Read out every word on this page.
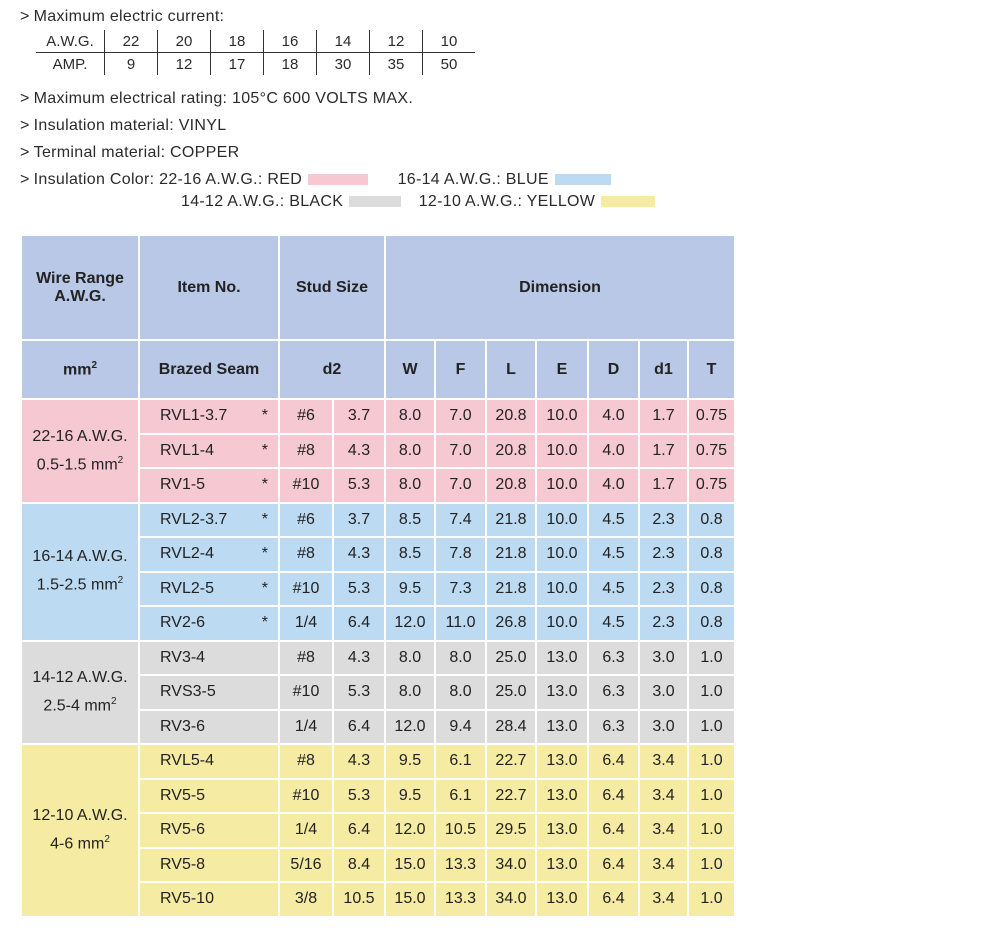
> Maximum electric current:
A.W.G.	22	20	18	16	14	12	10
AMP.	9	12	17	18	30	35	50
> Maximum electrical rating: 105°C 600 VOLTS MAX.
> Insulation material: VINYL
> Terminal material: COPPER
> Insulation Color: 22-16 A.W.G.: RED	16-14 A.W.G.: BLUE
14-12 A.W.G.: BLACK	12-10 A.W.G.: YELLOW
Wire Range
A.W.G.	Item No.	Stud Size		Dimension						
$mm^2$	Brazed Seam	d2		W	F	L	E	D	d1	T
22-16 A.W.G.
0.5-1.5 $mm^2$	RVL1-3.7 *	#6	3.7	8.0	7.0	20.8	10.0	4.0	1.7	0.75
	RVL1-4 *	#8	4.3	8.0	7.0	20.8	10.0	4.0	1.7	0.75
	RV1-5 *	#10	5.3	8.0	7.0	20.8	10.0	4.0	1.7	0.75
16-14 A.W.G.
1.5-2.5 $mm^2$	RVL2-3.7 *	#6	3.7	8.5	7.4	21.8	10.0	4.5	2.3	0.8
	RVL2-4 *	#8	4.3	8.5	7.8	21.8	10.0	4.5	2.3	0.8
	RVL2-5 *	#10	5.3	9.5	7.3	21.8	10.0	4.5	2.3	0.8
	RV2-6 *	1/4	6.4	12.0	11.0	26.8	10.0	4.5	2.3	0.8
14-12 A.W.G.
2.5-4 $mm^2$	RV3-4	#8	4.3	8.0	8.0	25.0	13.0	6.3	3.0	1.0
	RVS3-5	#10	5.3	8.0	8.0	25.0	13.0	6.3	3.0	1.0
	RV3-6	1/4	6.4	12.0	9.4	28.4	13.0	6.3	3.0	1.0
12-10 A.W.G.
4-6 $mm^2$	RVL5-4	#8	4.3	9.5	6.1	22.7	13.0	6.4	3.4	1.0
	RV5-5	#10	5.3	9.5	6.1	22.7	13.0	6.4	3.4	1.0
	RV5-6	1/4	6.4	12.0	10.5	29.5	13.0	6.4	3.4	1.0
	RV5-8	5/16	8.4	15.0	13.3	34.0	13.0	6.4	3.4	1.0
	RV5-10	3/8	10.5	15.0	13.3	34.0	13.0	6.4	3.4	1.0
